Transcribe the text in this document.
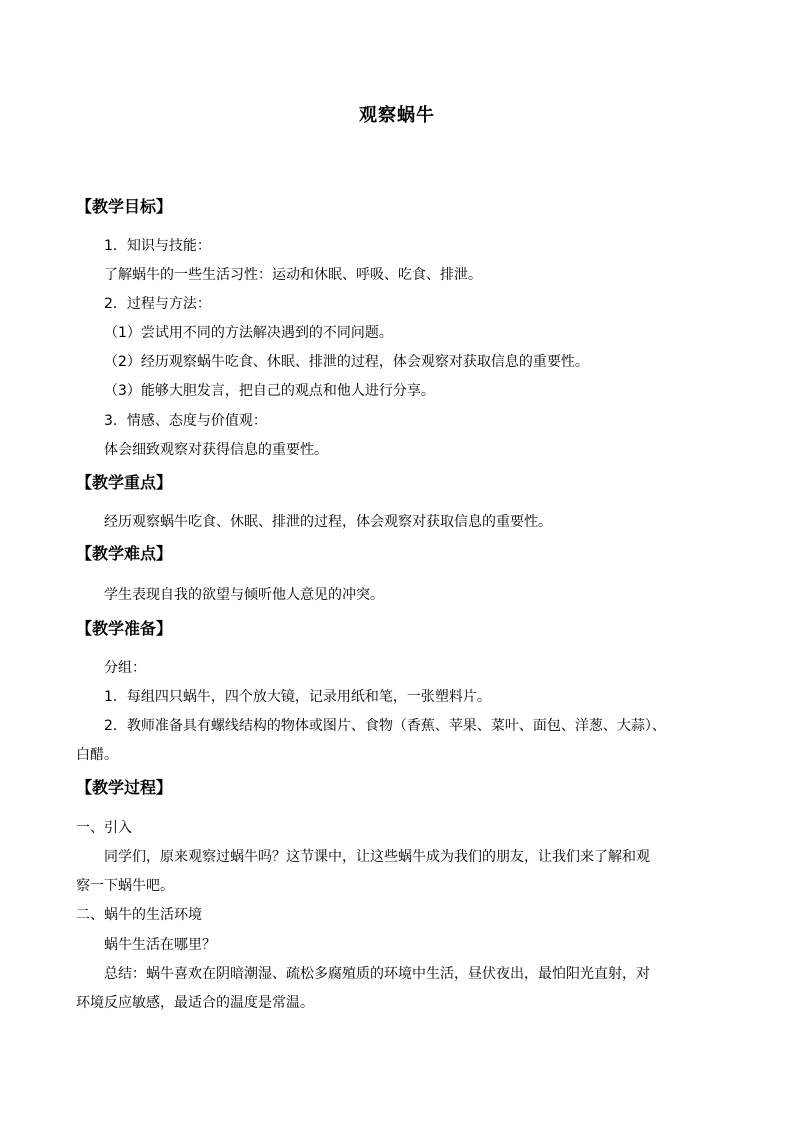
观察蜗牛
【教学目标】
1．知识与技能：
了解蜗牛的一些生活习性：运动和休眠、呼吸、吃食、排泄。
2．过程与方法：
（1）尝试用不同的方法解决遇到的不同问题。
（2）经历观察蜗牛吃食、休眠、排泄的过程，体会观察对获取信息的重要性。
（3）能够大胆发言，把自己的观点和他人进行分享。
3．情感、态度与价值观：
体会细致观察对获得信息的重要性。
【教学重点】
经历观察蜗牛吃食、休眠、排泄的过程，体会观察对获取信息的重要性。
【教学难点】
学生表现自我的欲望与倾听他人意见的冲突。
【教学准备】
分组：
1．每组四只蜗牛，四个放大镜，记录用纸和笔，一张塑料片。
2．教师准备具有螺线结构的物体或图片、食物（香蕉、苹果、菜叶、面包、洋葱、大蒜）、
白醋。
【教学过程】
一、引入
同学们，原来观察过蜗牛吗？这节课中，让这些蜗牛成为我们的朋友，让我们来了解和观
察一下蜗牛吧。
二、蜗牛的生活环境
蜗牛生活在哪里？
总结：蜗牛喜欢在阴暗潮湿、疏松多腐殖质的环境中生活，昼伏夜出，最怕阳光直射，对
环境反应敏感，最适合的温度是常温。
